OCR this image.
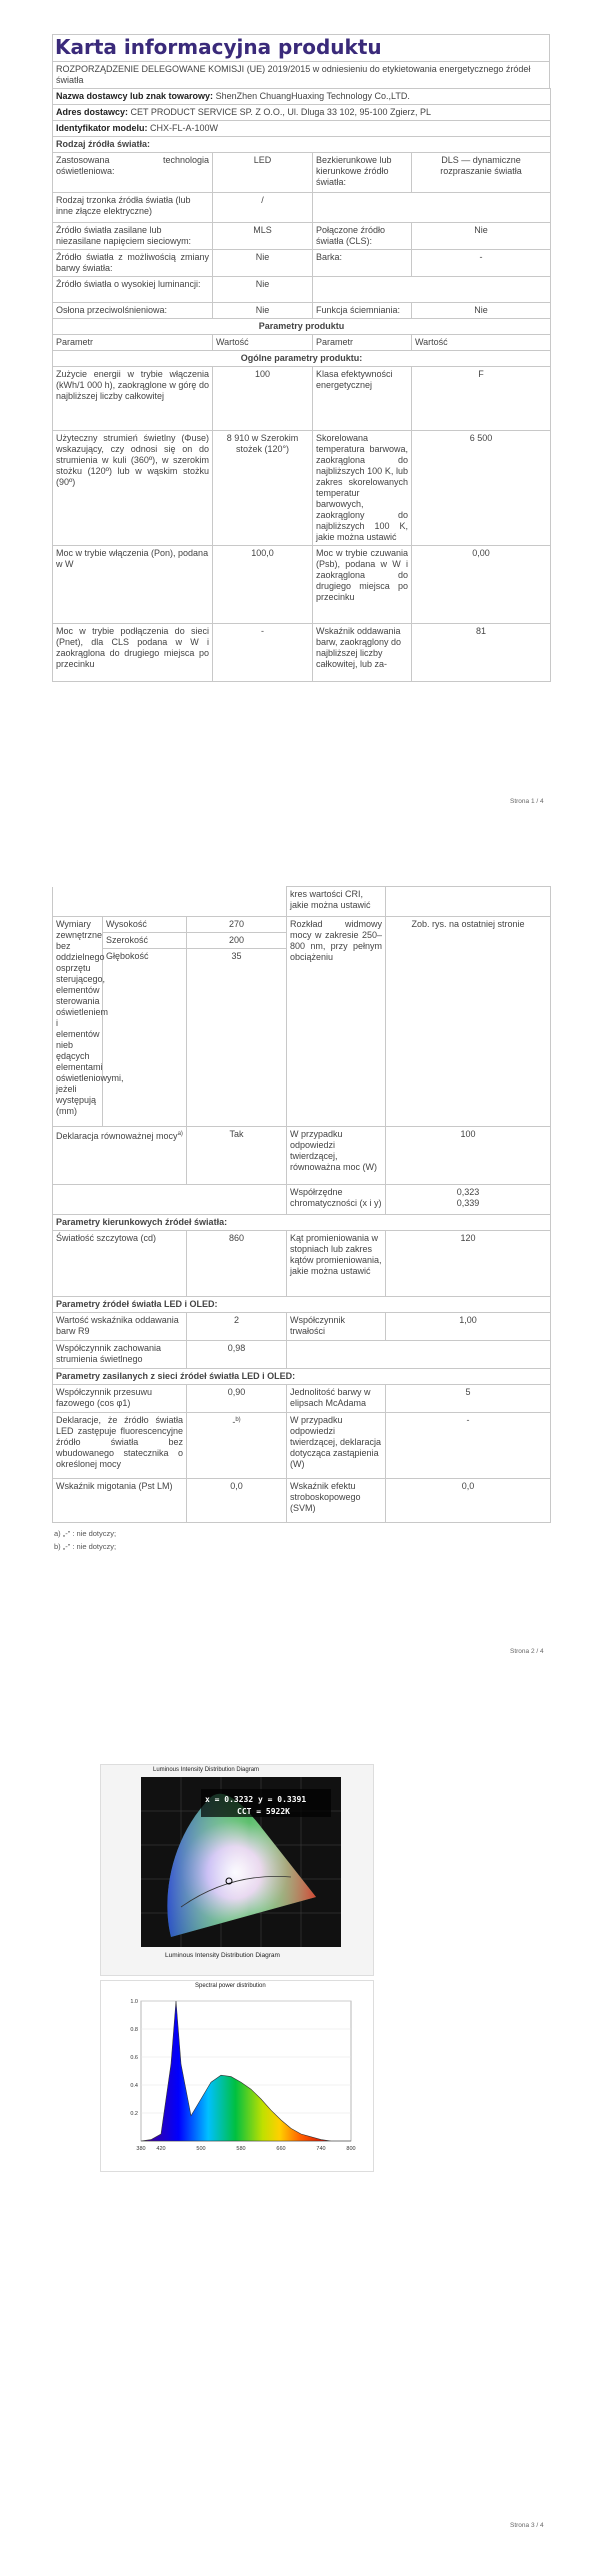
Karta informacyjna produktu
ROZPORZĄDZENIE DELEGOWANE KOMISJI (UE) 2019/2015 w odniesieniu do etykietowania energetycznego źródeł światła
Nazwa dostawcy lub znak towarowy: ShenZhen ChuangHuaxing Technology Co.,LTD.			
Adres dostawcy: CET PRODUCT SERVICE SP. Z O.O., Ul. Dluga 33 102, 95-100 Zgierz, PL			
Identyfikator modelu: CHX-FL-A-100W			
Rodzaj źródła światła:			
Zastosowana technologia oświetleniowa:	LED	Bezkierunkowe lub kierunkowe źródło światła:	DLS — dynamiczne rozpraszanie światła
Rodzaj trzonka źródła światła (lub inne złącze elektryczne)	/		
Źródło światła zasilane lub niezasilane napięciem sieciowym:	MLS	Połączone źródło światła (CLS):	Nie
Źródło światła z możliwością zmiany barwy światła:	Nie	Barka:	-
Źródło światła o wysokiej luminancji:	Nie		
Osłona przeciwolśnieniowa:	Nie	Funkcja ściemniania:	Nie
Parametry produktu			
Parametr	Wartość	Parametr	Wartość
Ogólne parametry produktu:			
Zużycie energii w trybie włączenia (kWh/1 000 h), zaokrąglone w górę do najbliższej liczby całkowitej	100	Klasa efektywności energetycznej	F
Użyteczny strumień świetlny (Φuse) wskazujący, czy odnosi się on do strumienia w kuli (360º), w szerokim stożku (120º) lub w wąskim stożku (90º)	8 910 w Szerokim stożek (120°)	Skorelowana temperatura barwowa, zaokrąglona do najbliższych 100 K, lub zakres skorelowanych temperatur barwowych, zaokrąglony do najbliższych 100 K, jakie można ustawić	6 500
Moc w trybie włączenia (Pon), podana w W	100,0	Moc w trybie czuwania (Psb), podana w W i zaokrąglona do drugiego miejsca po przecinku	0,00
Moc w trybie podłączenia do sieci (Pnet), dla CLS podana w W i zaokrąglona do drugiego miejsca po przecinku	-	Wskaźnik oddawania barw, zaokrąglony do najbliższej liczby całkowitej, lub za-	81
Strona 1 / 4
			kres wartości CRI, jakie można ustawić	
Wymiary zewnętrzne bez oddzielnego osprzętu sterującego, elementów sterowania oświetleniem i elementów nieb ędących elementami oświetleniowymi, jeżeli występują (mm)	Wysokość	270	Rozkład widmowy mocy w zakresie 250–800 nm, przy pełnym obciążeniu	Zob. rys. na ostatniej stronie
	Szerokość	200		
	Głębokość	35		
Deklaracja równoważnej mocy$^{a)}$		Tak	W przypadku odpowiedzi twierdzącej, równoważna moc (W)	100
			Współrzędne chromatyczności (x i y)	0,323
0,339

Parametry kierunkowych źródeł światła:				
Światłość szczytowa (cd)		860	Kąt promieniowania w stopniach lub zakres kątów promieniowania, jakie można ustawić	120
Parametry źródeł światła LED i OLED:				
Wartość wskaźnika oddawania barw R9		2	Współczynnik trwałości	1,00
Współczynnik zachowania strumienia świetlnego		0,98		
Parametry zasilanych z sieci źródeł światła LED i OLED:				
Współczynnik przesuwu fazowego (cos φ1)		0,90	Jednolitość barwy w elipsach McAdama	5
Deklaracje, że źródło światła LED zastępuje fluorescencyjne źródło światła bez wbudowanego statecznika o określonej mocy		-$^{b)}$	W przypadku odpowiedzi twierdzącej, deklaracja dotycząca zastąpienia (W)	-
Wskaźnik migotania (Pst LM)		0,0	Wskaźnik efektu stroboskopowego (SVM)	0,0
a) „-” : nie dotyczy;
b) „-” : nie dotyczy;
Strona 2 / 4
Luminous Intensity Distribution Diagram
x = 0.3232 y = 0.3391
CCT = 5922K
Luminous Intensity Distribution Diagram
Spectral power distribution
380 420	500	580	660	740	800
0.2
0.4
0.6
0.8
1.0
Strona 3 / 4
